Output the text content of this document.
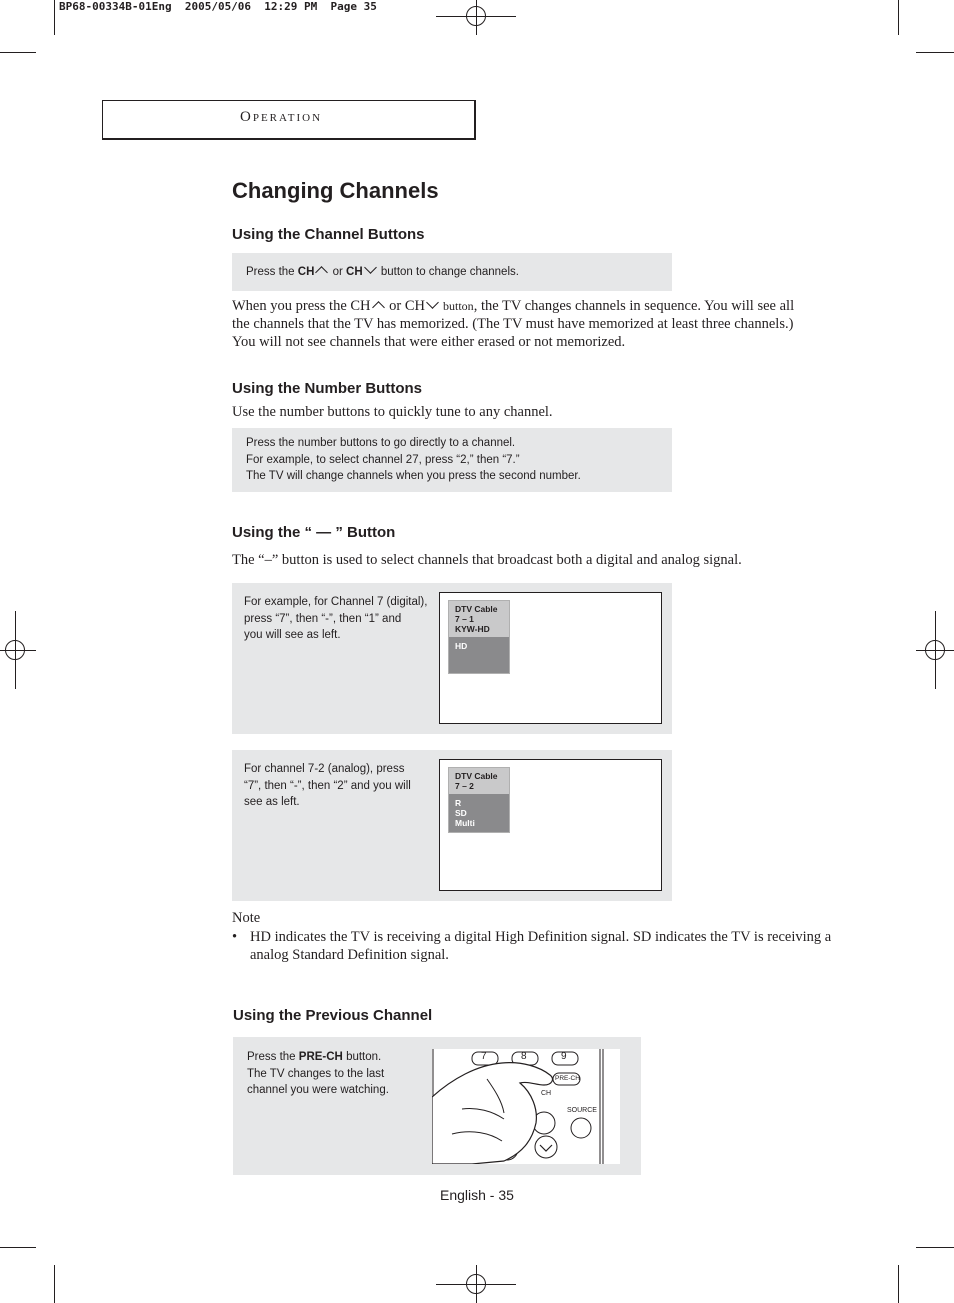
BP68-00334B-01Eng  2005/05/06  12:29 PM  Page 35
Operation
Changing Channels
Using the Channel Buttons
Press the CH or CH button to change channels.
When you press the CH or CH button, the TV changes channels in sequence. You will see all
the channels that the TV has memorized. (The TV must have memorized at least three channels.)
You will not see channels that were either erased or not memorized.
Using the Number Buttons
Use the number buttons to quickly tune to any channel.
Press the number buttons to go directly to a channel.
For example, to select channel 27, press “2,” then “7.”
The TV will change channels when you press the second number.
Using the “ — ” Button
The “–” button is used to select channels that broadcast both a digital and analog signal.
For example, for Channel 7 (digital),
press “7”, then “-”, then “1” and
you will see as left.
DTV Cable
7 – 1
KYW-HD
HD
For channel 7-2 (analog), press
“7”, then “-”, then “2” and you will
see as left.
DTV Cable
7 – 2
R
SD
Multi
Note
• HD indicates the TV is receiving a digital High Definition signal. SD indicates the TV is receiving a
analog Standard Definition signal.
Using the Previous Channel
Press the PRE-CH button.
The TV changes to the last
channel you were watching.
7	8	9
PRE-CH
CH
SOURCE
English - 35
